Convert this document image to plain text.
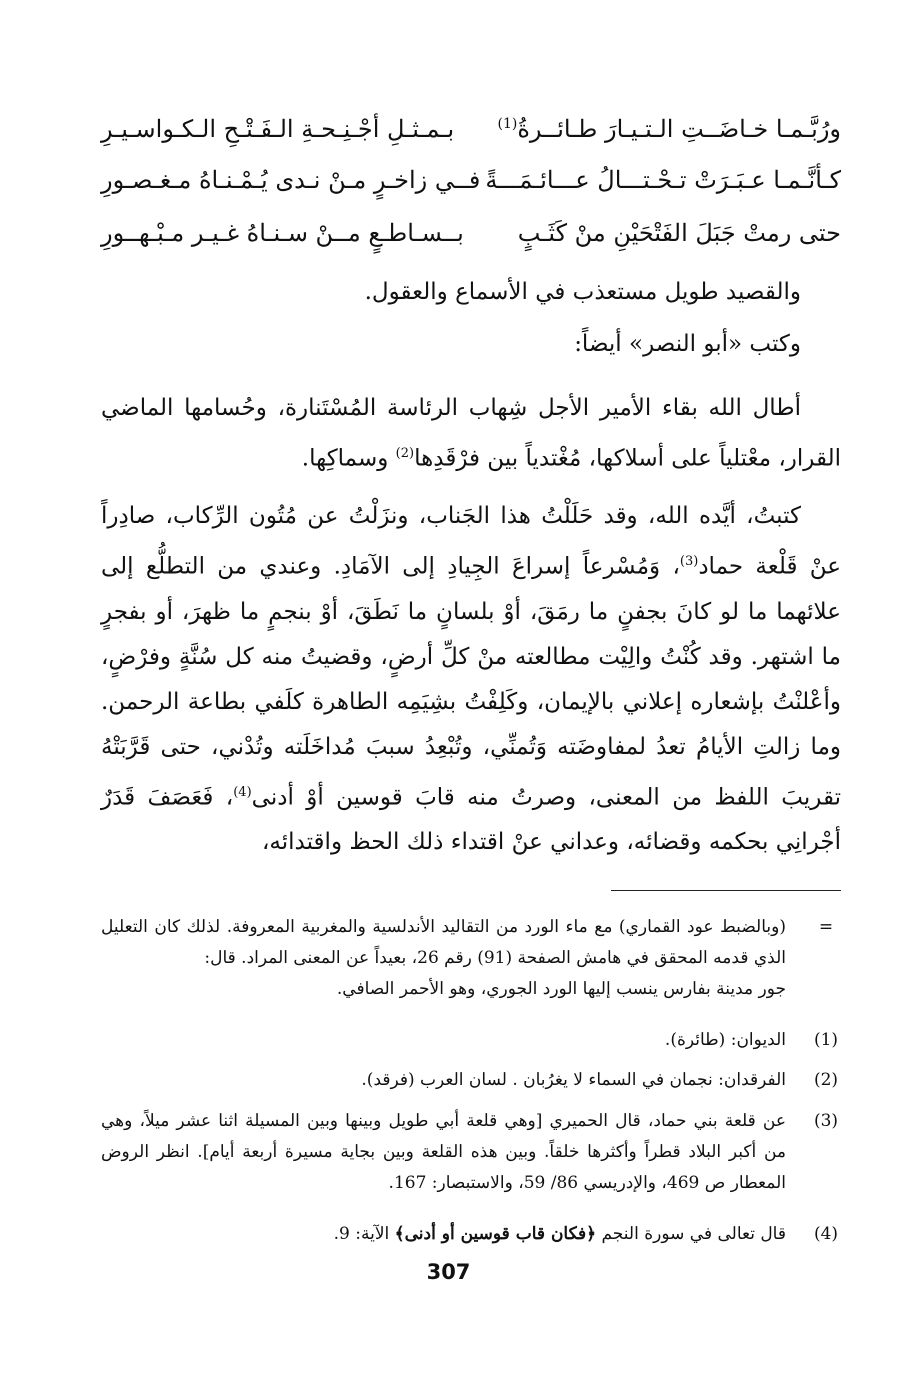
ورُبَّـمـا خـاضَــتِ الـتـيـارَ طـائــرةُ$^{(1)}$
بـمـثـلِ أجْـنِـحـةِ الـفَـتْـحِ الـكـواسـيـرِ
كـأنَّـمـا عـبَـرَتْ تـحْـتـــالُ عـــائـمَـــةً
فــي زاخـرٍ مـنْ نـدى يُـمْـنـاهُ مـغـصـورِ
حتى رمتْ جَبَلَ الفَتْحَيْنِ منْ كَثَـبٍ
بــسـاطـعٍ مــنْ سـنـاهُ غـيـر مـبْـهــورِ
والقصيد طويل مستعذب في الأسماع والعقول.
وكتب «أبو النصر» أيضاً:
أطال الله بقاء الأمير الأجل شِهاب الرئاسة المُسْتَنارة، وحُسامها الماضي القرار، معْتلياً على أسلاكها، مُغْتدياً بين فرْقَدِها$^{(2)}$ وسماكِها.
كتبتُ، أيَّده الله، وقد حَلَلْتُ هذا الجَناب، ونزَلْتُ عن مُتُون الرِّكاب، صادِراً عنْ قَلْعة حماد$^{(3)}$، وَمُسْرعاً إسراعَ الجِيادِ إلى الآمَادِ. وعندي من التطلُّع إلى علائهما ما لو كانَ بجفنٍ ما رمَقَ، أوْ بلسانٍ ما نَطَقَ، أوْ بنجمٍ ما ظهرَ، أو بفجرٍ ما اشتهر. وقد كُنْتُ والِيْت مطالعته منْ كلِّ أرضٍ، وقضيتُ منه كل سُنَّةٍ وفرْضٍ، وأعْلنْتُ بإشعاره إعلاني بالإيمان، وكَلِفْتُ بشِيَمِه الطاهرة كلَفي بطاعة الرحمن. وما زالتِ الأيامُ تعدُ لمفاوضَته وَتُمنِّي، وتُبْعِدُ سببَ مُداخَلَته وتُدْني، حتى قَرَّبَتْهُ تقريبَ اللفظ من المعنى، وصرتُ منه قابَ قوسين أوْ أدنى$^{(4)}$، فَعَصَفَ قَدَرٌ أجْرانِي بحكمه وقضائه، وعداني عنْ اقتداء ذلك الحظ واقتدائه،
=
(وبالضبط عود القماري) مع ماء الورد من التقاليد الأندلسية والمغربية المعروفة. لذلك كان التعليل الذي قدمه المحقق في هامش الصفحة (91) رقم 26، بعيداً عن المعنى المراد. قال:
جور مدينة بفارس ينسب إليها الورد الجوري، وهو الأحمر الصافي.
(1)
الديوان: (طائرة).
(2)
الفرقدان: نجمان في السماء لا يغرُبان . لسان العرب (فرقد).
(3)
عن قلعة بني حماد، قال الحميري [وهي قلعة أبي طويل وبينها وبين المسيلة اثنا عشر ميلاً، وهي من أكبر البلاد قطراً وأكثرها خلقاً. وبين هذه القلعة وبين بجاية مسيرة أربعة أيام]. انظر الروض المعطار ص 469، والإدريسي 86/ 59، والاستبصار: 167.
(4)
قال تعالى في سورة النجم ﴿فكان قاب قوسين أو أدنى﴾ الآية: 9.
307
